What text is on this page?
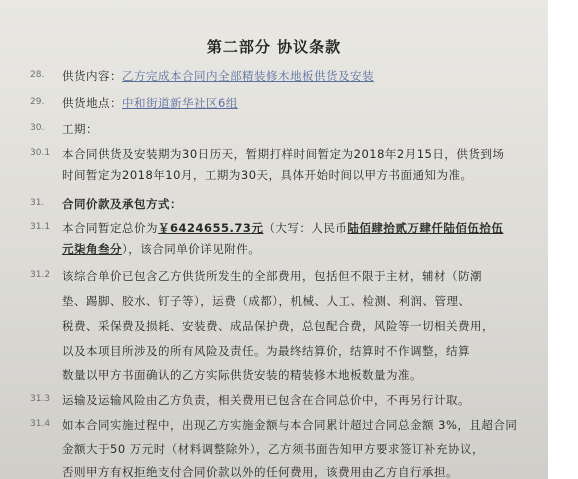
第二部分 协议条款
28. 供货内容：乙方完成本合同内全部精装修木地板供货及安装
29. 供货地点：中和街道新华社区6组
30. 工期：
30.1 本合同供货及安装期为30日历天，暂期打样时间暂定为2018年2月15日，供货到场
时间暂定为2018年10月，工期为30天，具体开始时间以甲方书面通知为准。
31. 合同价款及承包方式：
31.1 本合同暂定总价为￥6424655.73元（大写：人民币陆佰肆拾贰万肆仟陆佰伍拾伍
元柒角叁分），该合同单价详见附件。
31.2 该综合单价已包含乙方供货所发生的全部费用，包括但不限于主材，辅材（防潮
垫、踢脚、胶水、钉子等），运费（成都），机械、人工、检测、利润、管理、
税费、采保费及损耗、安装费、成品保护费，总包配合费，风险等一切相关费用，
以及本项目所涉及的所有风险及责任。为最终结算价，结算时不作调整，结算
数量以甲方书面确认的乙方实际供货安装的精装修木地板数量为准。
31.3 运输及运输风险由乙方负责，相关费用已包含在合同总价中，不再另行计取。
31.4 如本合同实施过程中，出现乙方实施金额与本合同累计超过合同总金额 3%，且超合同
金额大于50 万元时（材料调整除外），乙方须书面告知甲方要求签订补充协议，
否则甲方有权拒绝支付合同价款以外的任何费用，该费用由乙方自行承担。
